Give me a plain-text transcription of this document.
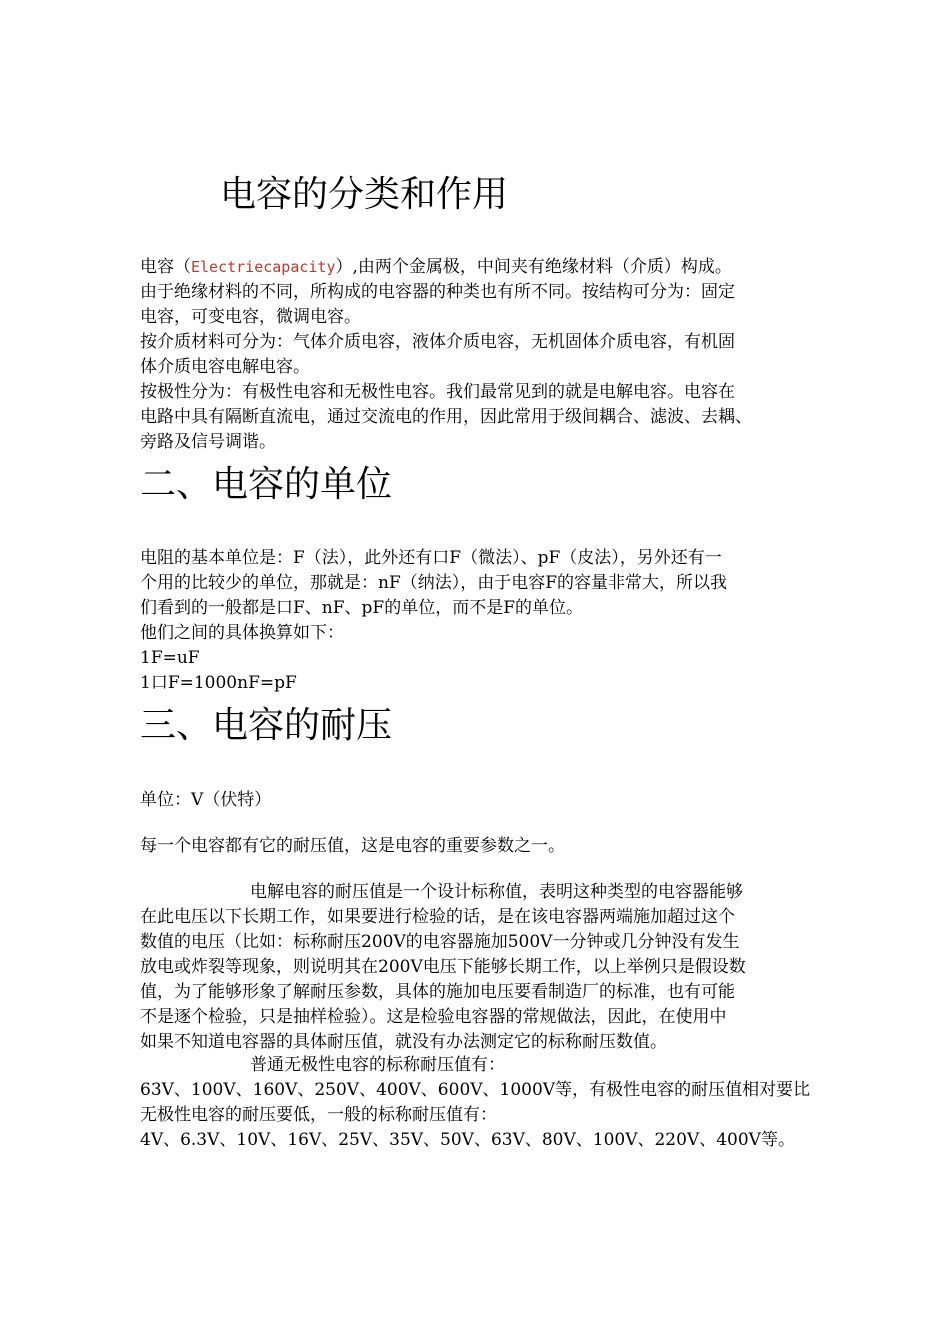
电容的分类和作用

电容（Electriecapacity）,由两个金属极，中间夹有绝缘材料（介质）构成。

由于绝缘材料的不同，所构成的电容器的种类也有所不同。按结构可分为：固定

电容，可变电容，微调电容。

按介质材料可分为：气体介质电容，液体介质电容，无机固体介质电容，有机固

体介质电容电解电容。

按极性分为：有极性电容和无极性电容。我们最常见到的就是电解电容。电容在

电路中具有隔断直流电，通过交流电的作用，因此常用于级间耦合、滤波、去耦、

旁路及信号调谐。

二、电容的单位

电阻的基本单位是：F（法），此外还有口F（微法）、pF（皮法），另外还有一

个用的比较少的单位，那就是：nF（纳法），由于电容F的容量非常大，所以我

们看到的一般都是口F、nF、pF的单位，而不是F的单位。

他们之间的具体换算如下：

1F=uF

1口F=1000nF=pF

三、电容的耐压

单位：V（伏特）

每一个电容都有它的耐压值，这是电容的重要参数之一。

电解电容的耐压值是一个设计标称值，表明这种类型的电容器能够

在此电压以下长期工作，如果要进行检验的话，是在该电容器两端施加超过这个

数值的电压（比如：标称耐压200V的电容器施加500V一分钟或几分钟没有发生

放电或炸裂等现象，则说明其在200V电压下能够长期工作，以上举例只是假设数

值，为了能够形象了解耐压参数，具体的施加电压要看制造厂的标准，也有可能

不是逐个检验，只是抽样检验）。这是检验电容器的常规做法，因此，在使用中

如果不知道电容器的具体耐压值，就没有办法测定它的标称耐压数值。

普通无极性电容的标称耐压值有：

63V、100V、160V、250V、400V、600V、1000V等，有极性电容的耐压值相对要比

无极性电容的耐压要低，一般的标称耐压值有：

4V、6.3V、10V、16V、25V、35V、50V、63V、80V、100V、220V、400V等。
